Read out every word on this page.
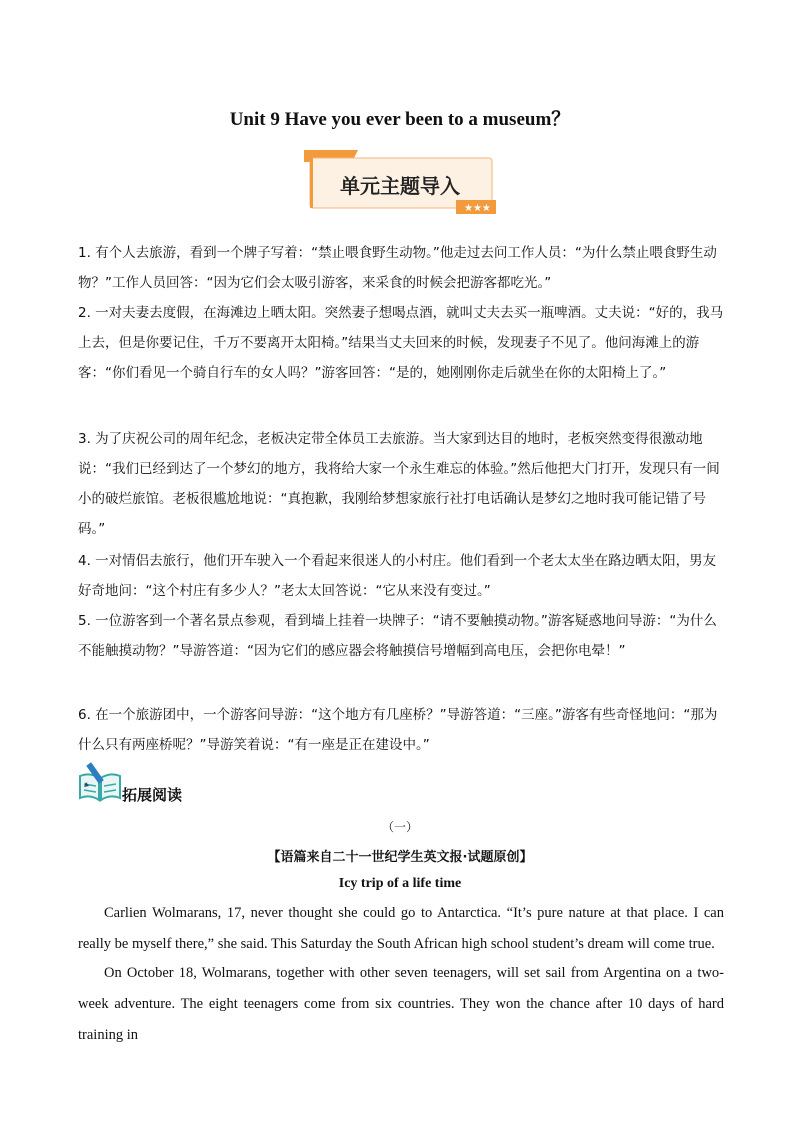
Unit 9 Have you ever been to a museum？
★★★
单元主题导入

1. 有个人去旅游，看到一个牌子写着：“禁止喂食野生动物。”他走过去问工作人员：“为什么禁止喂食野生动物？”工作人员回答：“因为它们会太吸引游客，来采食的时候会把游客都吃光。”

2. 一对夫妻去度假，在海滩边上晒太阳。突然妻子想喝点酒，就叫丈夫去买一瓶啤酒。丈夫说：“好的，我马上去，但是你要记住，千万不要离开太阳椅。”结果当丈夫回来的时候，发现妻子不见了。他问海滩上的游客：“你们看见一个骑自行车的女人吗？”游客回答：“是的，她刚刚你走后就坐在你的太阳椅上了。”

3. 为了庆祝公司的周年纪念，老板决定带全体员工去旅游。当大家到达目的地时，老板突然变得很激动地说：“我们已经到达了一个梦幻的地方，我将给大家一个永生难忘的体验。”然后他把大门打开，发现只有一间小的破烂旅馆。老板很尴尬地说：“真抱歉，我刚给梦想家旅行社打电话确认是梦幻之地时我可能记错了号码。”

4. 一对情侣去旅行，他们开车驶入一个看起来很迷人的小村庄。他们看到一个老太太坐在路边晒太阳，男友好奇地问：“这个村庄有多少人？”老太太回答说：“它从来没有变过。”

5. 一位游客到一个著名景点参观，看到墙上挂着一块牌子：“请不要触摸动物。”游客疑惑地问导游：“为什么不能触摸动物？”导游答道：“因为它们的感应器会将触摸信号增幅到高电压，会把你电晕！”

6. 在一个旅游团中，一个游客问导游：“这个地方有几座桥？”导游答道：“三座。”游客有些奇怪地问：“那为什么只有两座桥呢？”导游笑着说：“有一座是正在建设中。”

拓展阅读
（一）
【语篇来自二十一世纪学生英文报·试题原创】
Icy trip of a life time

Carlien Wolmarans, 17, never thought she could go to Antarctica. “It’s pure nature at that place. I can really be myself there,” she said. This Saturday the South African high school student’s dream will come true.

On October 18, Wolmarans, together with other seven teenagers, will set sail from Argentina on a two-week adventure. The eight teenagers come from six countries. They won the chance after 10 days of hard training in
